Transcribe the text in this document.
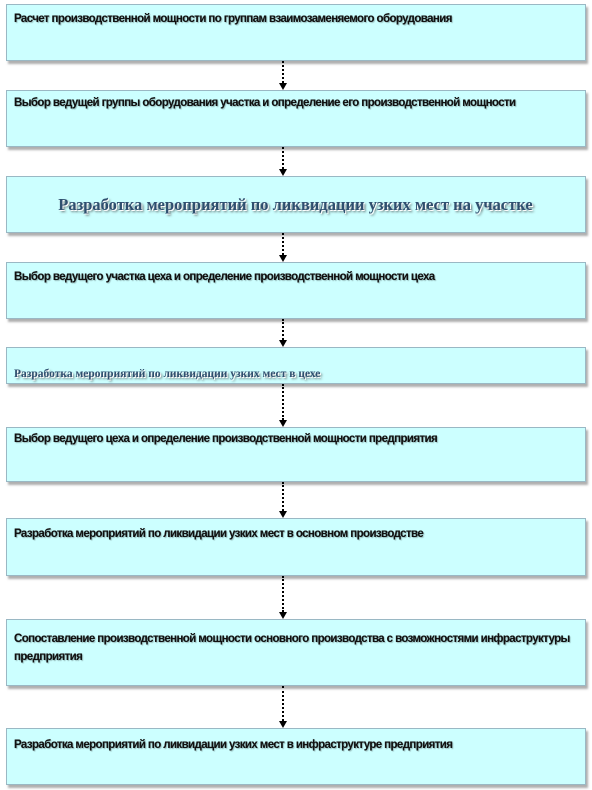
Расчет производственной мощности по группам взаимозаменяемого оборудования
Выбор ведущей группы оборудования участка и определение его производственной мощности
Разработка мероприятий по ликвидации узких мест на участке
Выбор ведущего участка цеха и определение производственной мощности цеха
Разработка мероприятий по ликвидации узких мест в цехе
Выбор ведущего цеха и определение производственной мощности предприятия
Разработка мероприятий по ликвидации узких мест в основном производстве
Сопоставление производственной мощности основного производства с возможностями инфраструктуры предприятия
Разработка мероприятий по ликвидации узких мест в инфраструктуре предприятия
